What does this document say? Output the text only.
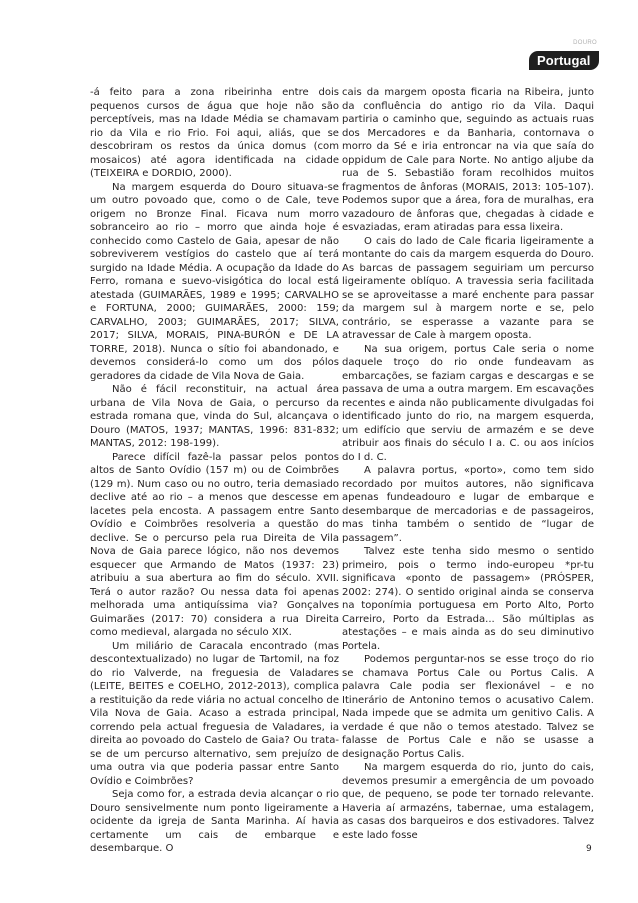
DOURO
Portugal

-á feito para a zona ribeirinha entre dois pequenos cursos de água que hoje não são perceptíveis, mas na Idade Média se chamavam rio da Vila e rio Frio. Foi aqui, aliás, que se descobriram os restos da única domus (com mosaicos) até agora identificada na cidade (TEIXEIRA e DORDIO, 2000).

Na margem esquerda do Douro situava-se um outro povoado que, como o de Cale, teve origem no Bronze Final. Ficava num morro sobranceiro ao rio – morro que ainda hoje é conhecido como Castelo de Gaia, apesar de não sobreviverem vestígios do castelo que aí terá surgido na Idade Média. A ocupação da Idade do Ferro, romana e suevo-visigótica do local está atestada (GUIMARÃES, 1989 e 1995; CARVALHO e FORTUNA, 2000; GUIMARÃES, 2000: 159; CARVALHO, 2003; GUIMARÃES, 2017; SILVA, 2017; SILVA, MORAIS, PINA-BURÓN e DE LA TORRE, 2018). Nunca o sítio foi abandonado, e devemos considerá-lo como um dos pólos geradores da cidade de Vila Nova de Gaia.

Não é fácil reconstituir, na actual área urbana de Vila Nova de Gaia, o percurso da estrada romana que, vinda do Sul, alcançava o Douro (MATOS, 1937; MANTAS, 1996: 831-832; MANTAS, 2012: 198-199).

Parece difícil fazê-la passar pelos pontos altos de Santo Ovídio (157 m) ou de Coimbrões (129 m). Num caso ou no outro, teria demasiado declive até ao rio – a menos que descesse em lacetes pela encosta. A passagem entre Santo Ovídio e Coimbrões resolveria a questão do declive. Se o percurso pela rua Direita de Vila Nova de Gaia parece lógico, não nos devemos esquecer que Armando de Matos (1937: 23) atribuiu a sua abertura ao fim do século. XVII. Terá o autor razão? Ou nessa data foi apenas melhorada uma antiquíssima via? Gonçalves Guimarães (2017: 70) considera a rua Direita como medieval, alargada no século XIX.

Um miliário de Caracala encontrado (mas descontextualizado) no lugar de Tartomil, na foz do rio Valverde, na freguesia de Valadares (LEITE, BEITES e COELHO, 2012-2013), complica a restituição da rede viária no actual concelho de Vila Nova de Gaia. Acaso a estrada principal, correndo pela actual freguesia de Valadares, ia direita ao povoado do Castelo de Gaia? Ou trata-se de um percurso alternativo, sem prejuízo de uma outra via que poderia passar entre Santo Ovídio e Coimbrões?

Seja como for, a estrada devia alcançar o rio Douro sensivelmente num ponto ligeiramente a ocidente da igreja de Santa Marinha. Aí havia certamente um cais de embarque e desembarque. O

cais da margem oposta ficaria na Ribeira, junto da confluência do antigo rio da Vila. Daqui partiria o caminho que, seguindo as actuais ruas dos Mercadores e da Banharia, contornava o morro da Sé e iria entroncar na via que saía do oppidum de Cale para Norte. No antigo aljube da rua de S. Sebastião foram recolhidos muitos fragmentos de ânforas (MORAIS, 2013: 105-107). Podemos supor que a área, fora de muralhas, era vazadouro de ânforas que, chegadas à cidade e esvaziadas, eram atiradas para essa lixeira.

O cais do lado de Cale ficaria ligeiramente a montante do cais da margem esquerda do Douro. As barcas de passagem seguiriam um percurso ligeiramente oblíquo. A travessia seria facilitada se se aproveitasse a maré enchente para passar da margem sul à margem norte e se, pelo contrário, se esperasse a vazante para se atravessar de Cale à margem oposta.

Na sua origem, portus Cale seria o nome daquele troço do rio onde fundeavam as embarcações, se faziam cargas e descargas e se passava de uma a outra margem. Em escavações recentes e ainda não publicamente divulgadas foi identificado junto do rio, na margem esquerda, um edifício que serviu de armazém e se deve atribuir aos finais do século I a. C. ou aos inícios do I d. C.

A palavra portus, «porto», como tem sido recordado por muitos autores, não significava apenas fundeadouro e lugar de embarque e desembarque de mercadorias e de passageiros, mas tinha também o sentido de “lugar de passagem”.

Talvez este tenha sido mesmo o sentido primeiro, pois o termo indo-europeu *pr-tu significava «ponto de passagem» (PRÓSPER, 2002: 274). O sentido original ainda se conserva na toponímia portuguesa em Porto Alto, Porto Carreiro, Porto da Estrada... São múltiplas as atestações – e mais ainda as do seu diminutivo Portela.

Podemos perguntar-nos se esse troço do rio se chamava Portus Cale ou Portus Calis. A palavra Cale podia ser flexionável – e no Itinerário de Antonino temos o acusativo Calem. Nada impede que se admita um genitivo Calis. A verdade é que não o temos atestado. Talvez se falasse de Portus Cale e não se usasse a designação Portus Calis.

Na margem esquerda do rio, junto do cais, devemos presumir a emergência de um povoado que, de pequeno, se pode ter tornado relevante. Haveria aí armazéns, tabernae, uma estalagem, as casas dos barqueiros e dos estivadores. Talvez este lado fosse

9
